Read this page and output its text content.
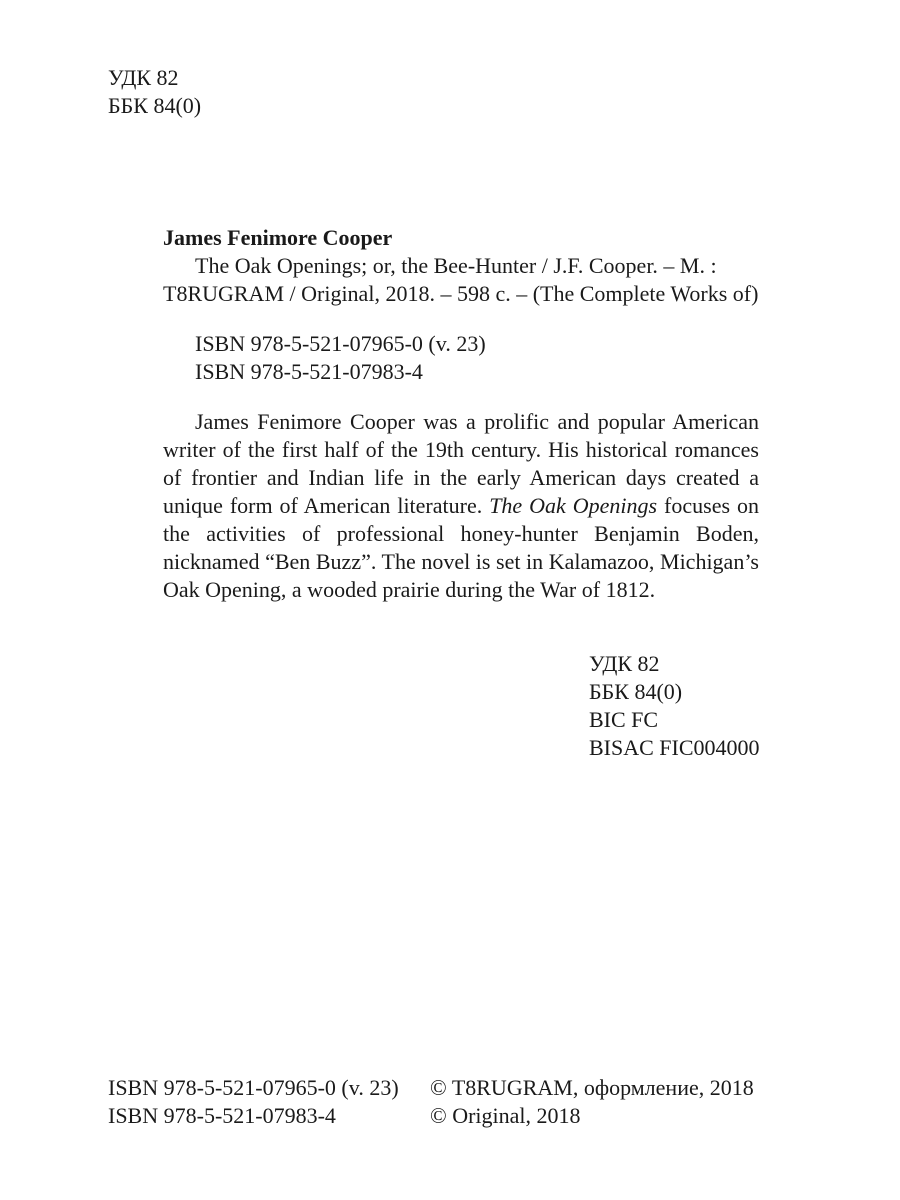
УДК 82
ББК 84(0)
James Fenimore Cooper
The Oak Openings; or, the Bee-Hunter / J.F. Cooper. – М. :
T8RUGRAM / Original, 2018. – 598 с. – (The Complete Works of)
ISBN 978-5-521-07965-0 (v. 23)
ISBN 978-5-521-07983-4

James Fenimore Cooper was a prolific and popular American writer of the first half of the 19th century. His historical romances of frontier and Indian life in the early American days created a unique form of American literature. The Oak Openings focuses on the activities of professional honey-hunter Benjamin Boden, nicknamed “Ben Buzz”. The novel is set in Kalamazoo, Michigan’s Oak Opening, a wooded prairie during the War of 1812.

УДК 82
ББК 84(0)
BIC FC
BISAC FIC004000
ISBN 978-5-521-07965-0 (v. 23)
ISBN 978-5-521-07983-4
© T8RUGRAM, оформление, 2018
© Original, 2018
